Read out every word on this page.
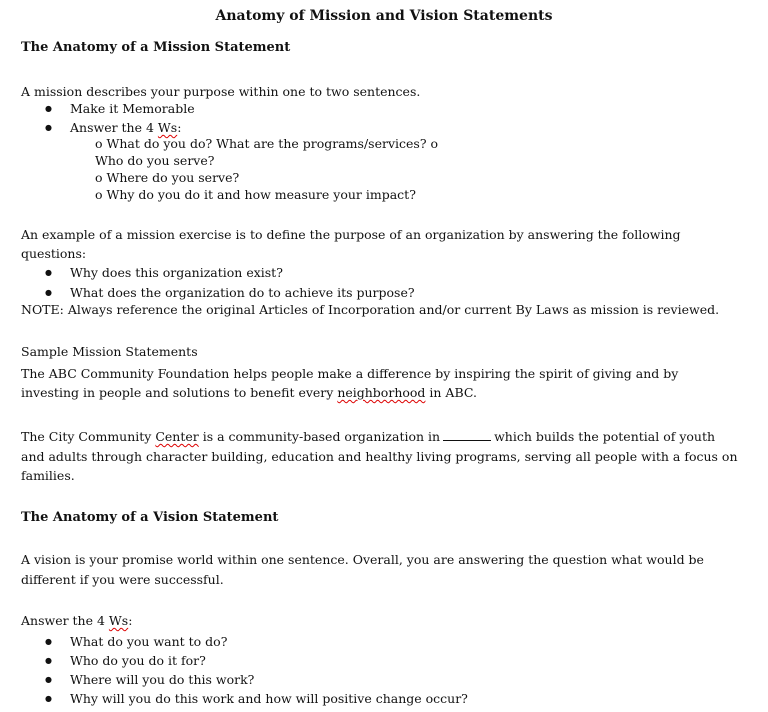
Anatomy of Mission and Vision Statements
The Anatomy of a Mission Statement
A mission describes your purpose within one to two sentences.
● Make it Memorable
● Answer the 4 Ws:
o What do you do? What are the programs/services? o
Who do you serve?
o Where do you serve?
o Why do you do it and how measure your impact?
An example of a mission exercise is to define the purpose of an organization by answering the following
questions:
● Why does this organization exist?
● What does the organization do to achieve its purpose?
NOTE: Always reference the original Articles of Incorporation and/or current By Laws as mission is reviewed.
Sample Mission Statements
The ABC Community Foundation helps people make a difference by inspiring the spirit of giving and by
investing in people and solutions to benefit every neighborhood in ABC.
The City Community Center is a community-based organization in	which builds the potential of youth
and adults through character building, education and healthy living programs, serving all people with a focus on
families.
The Anatomy of a Vision Statement
A vision is your promise world within one sentence. Overall, you are answering the question what would be
different if you were successful.
Answer the 4 Ws:
● What do you want to do?
● Who do you do it for?
● Where will you do this work?
● Why will you do this work and how will positive change occur?
